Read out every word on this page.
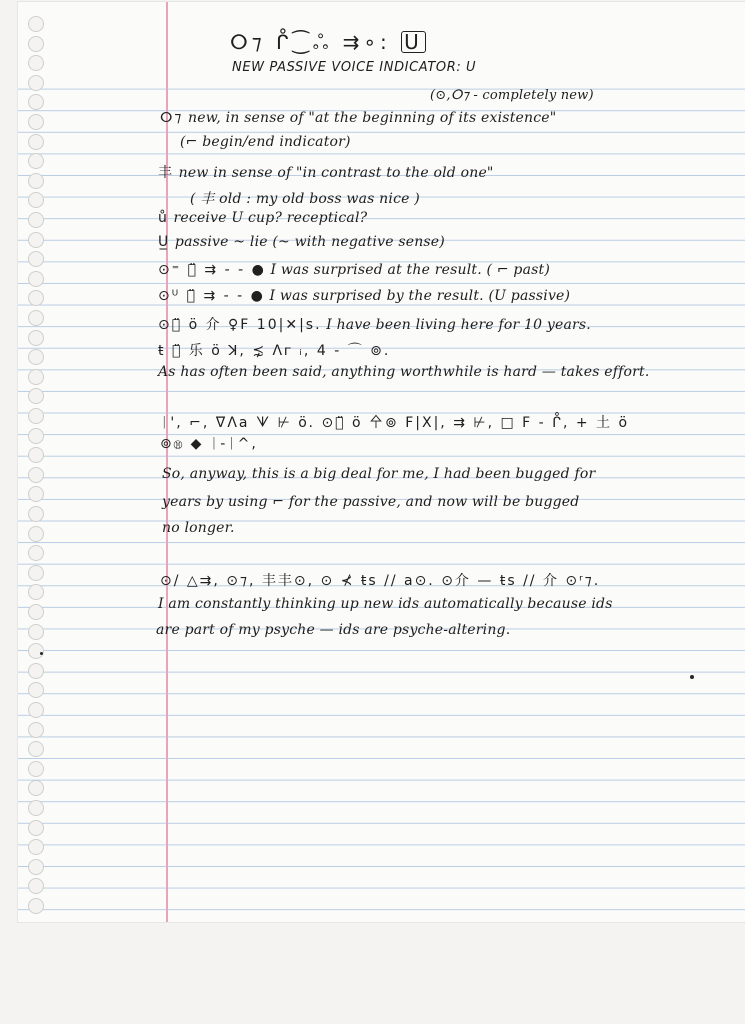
ⵔ⁊ ᒊ⁐ஃ ⇉∘: U
NEW PASSIVE VOICE INDICATOR: U
(⊙,ⵔ⁊ - completely new)
ⵔ⁊ new, in sense of "at the beginning of its existence"
(⌐ begin/end indicator)
丰 new in sense of "in contrast to the old one"
( 丰 old : my old boss was nice )
ů receive U cup? receptical?
U̲ passive ~ lie (~ with negative sense)
⊙⁼ ㄣ̈ ⇉ - - ● I was surprised at the result. ( ⌐ past)
⊙ᵁ ㄣ̈ ⇉ - - ● I was surprised by the result. (U passive)
⊙ㄣ̈ ö 介 ♀F 10|✕|s. I have been living here for 10 years.
ŧ ㄣ̈ 乐 ö ꓘ, ⋨ ᐱ𐌲 ᵢ, 4 - ⌒ ⊚.
As has often been said, anything worthwhile is hard — takes effort.
ᛁ', ⌐, ᐁᐱa ᗐ ⊬ ö. ⊙ㄣ̈ ö 㐃⊚ F|X|, ⇉ ⊬, □ F - ᒊ, + 土 ö
⊚Ⓜ ◆ ᛁ-ᛁ^,
So, anyway, this is a big deal for me, I had been bugged for
years by using ⌐ for the passive, and now will be bugged
no longer.
⊙/ △⇉, ⊙⁊, 丰丰⊙, ⊙ ⊀ ŧs // a⊙. ⊙介 — ŧs // 介 ⊙ʳ⁊.
I am constantly thinking up new ids automatically because ids
are part of my psyche — ids are psyche-altering.
